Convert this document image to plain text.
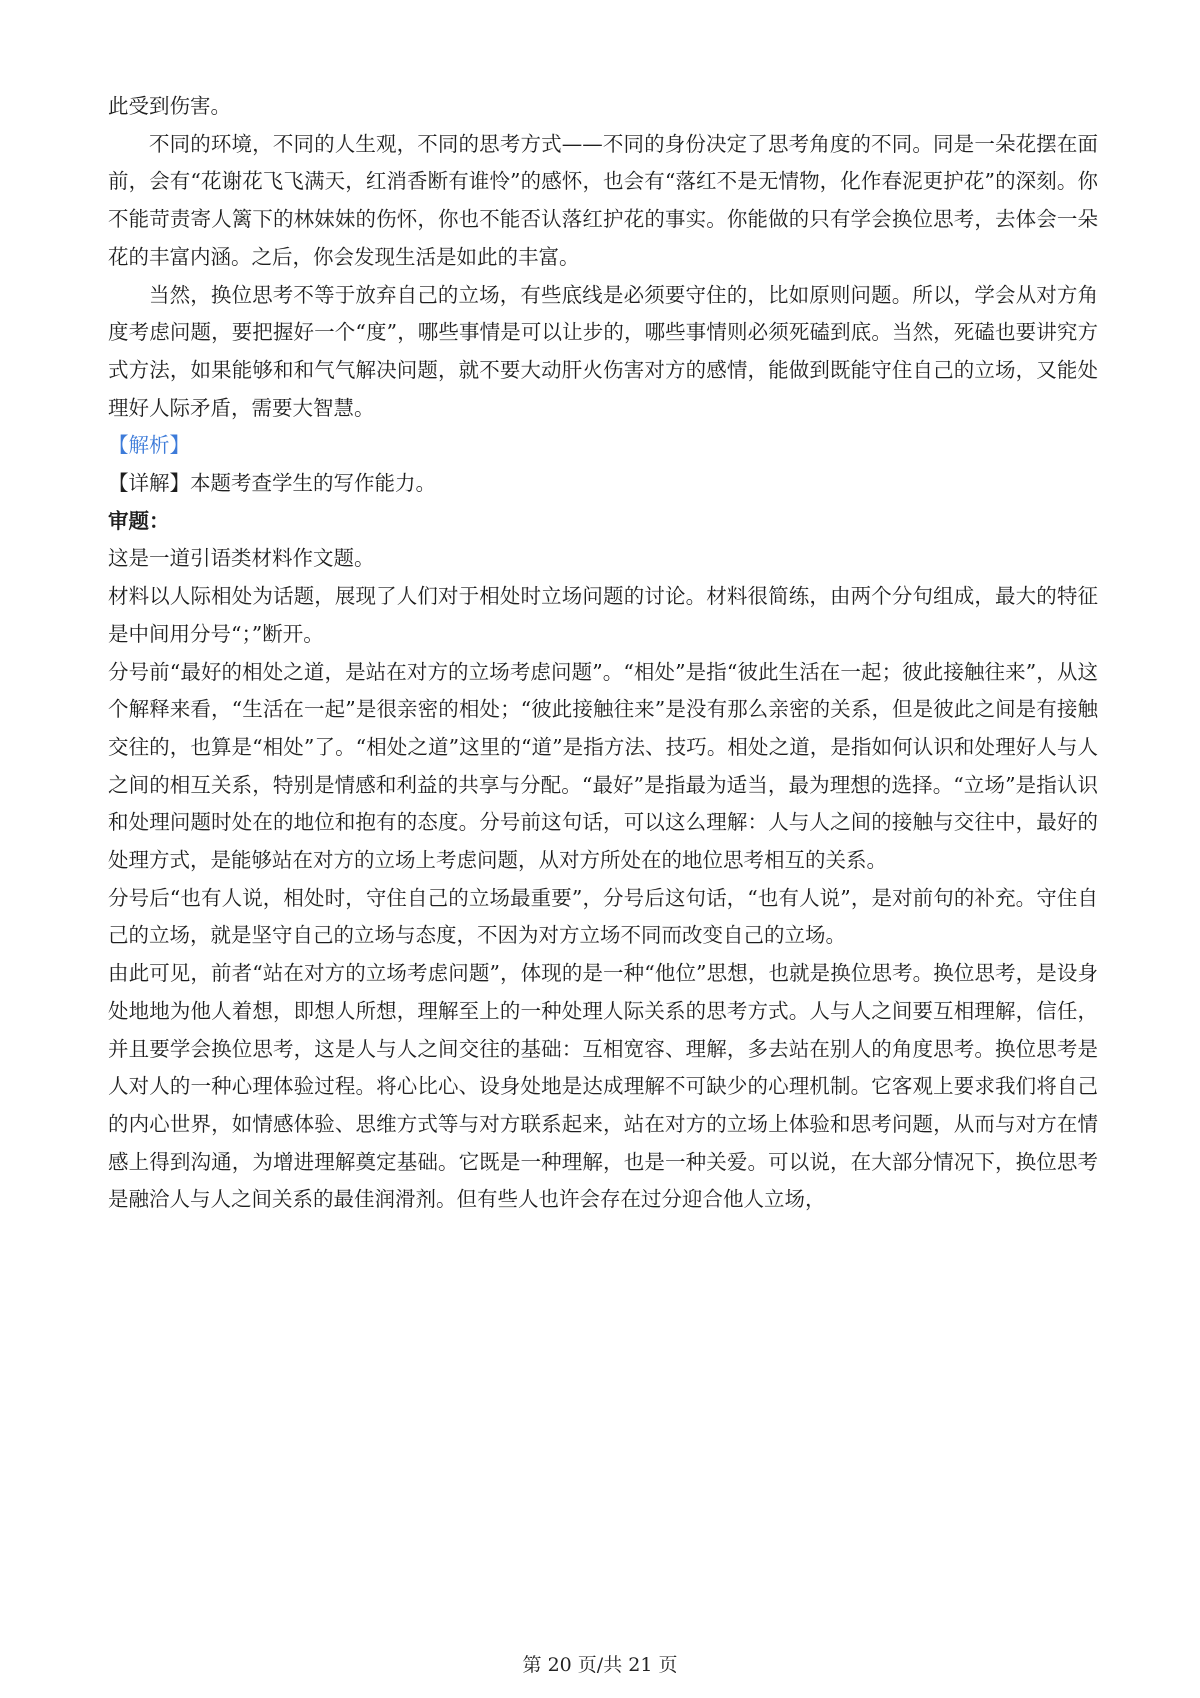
此受到伤害。

不同的环境，不同的人生观，不同的思考方式——不同的身份决定了思考角度的不同。同是一朵花摆在面前，会有“花谢花飞飞满天，红消香断有谁怜”的感怀，也会有“落红不是无情物，化作春泥更护花”的深刻。你不能苛责寄人篱下的林妹妹的伤怀，你也不能否认落红护花的事实。你能做的只有学会换位思考，去体会一朵花的丰富内涵。之后，你会发现生活是如此的丰富。

当然，换位思考不等于放弃自己的立场，有些底线是必须要守住的，比如原则问题。所以，学会从对方角度考虑问题，要把握好一个“度”，哪些事情是可以让步的，哪些事情则必须死磕到底。当然，死磕也要讲究方式方法，如果能够和和气气解决问题，就不要大动肝火伤害对方的感情，能做到既能守住自己的立场，又能处理好人际矛盾，需要大智慧。

【解析】

【详解】本题考查学生的写作能力。

审题：

这是一道引语类材料作文题。

材料以人际相处为话题，展现了人们对于相处时立场问题的讨论。材料很简练，由两个分句组成，最大的特征是中间用分号“；”断开。

分号前“最好的相处之道，是站在对方的立场考虑问题”。“相处”是指“彼此生活在一起；彼此接触往来”，从这个解释来看，“生活在一起”是很亲密的相处；“彼此接触往来”是没有那么亲密的关系，但是彼此之间是有接触交往的，也算是“相处”了。“相处之道”这里的“道”是指方法、技巧。相处之道，是指如何认识和处理好人与人之间的相互关系，特别是情感和利益的共享与分配。“最好”是指最为适当，最为理想的选择。“立场”是指认识和处理问题时处在的地位和抱有的态度。分号前这句话，可以这么理解：人与人之间的接触与交往中，最好的处理方式，是能够站在对方的立场上考虑问题，从对方所处在的地位思考相互的关系。

分号后“也有人说，相处时，守住自己的立场最重要”，分号后这句话，“也有人说”，是对前句的补充。守住自己的立场，就是坚守自己的立场与态度，不因为对方立场不同而改变自己的立场。

由此可见，前者“站在对方的立场考虑问题”，体现的是一种“他位”思想，也就是换位思考。换位思考，是设身处地地为他人着想，即想人所想，理解至上的一种处理人际关系的思考方式。人与人之间要互相理解，信任，并且要学会换位思考，这是人与人之间交往的基础：互相宽容、理解，多去站在别人的角度思考。换位思考是人对人的一种心理体验过程。将心比心、设身处地是达成理解不可缺少的心理机制。它客观上要求我们将自己的内心世界，如情感体验、思维方式等与对方联系起来，站在对方的立场上体验和思考问题，从而与对方在情感上得到沟通，为增进理解奠定基础。它既是一种理解，也是一种关爱。可以说，在大部分情况下，换位思考是融洽人与人之间关系的最佳润滑剂。但有些人也许会存在过分迎合他人立场，

第 20 页/共 21 页
